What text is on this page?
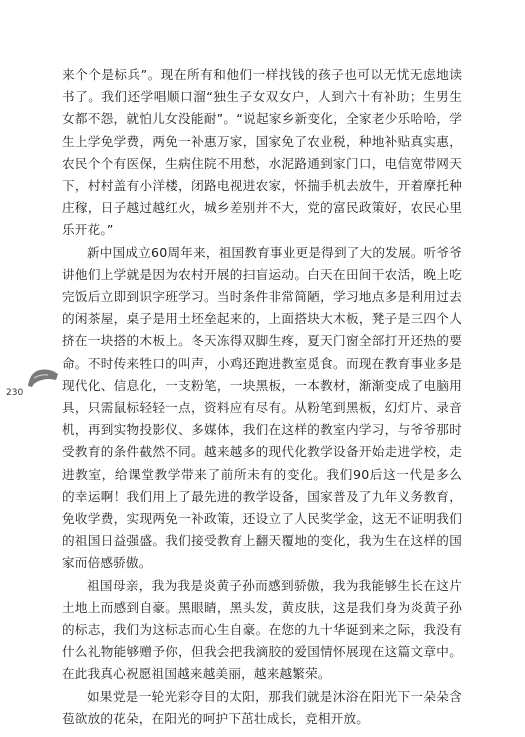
来个个是标兵”。现在所有和他们一样找钱的孩子也可以无忧无虑地读书了。我们还学唱顺口溜“独生子女双女户，人到六十有补助；生男生女都不怨，就怕儿女没能耐”。“说起家乡新变化，全家老少乐哈哈，学生上学免学费，两免一补惠万家，国家免了农业税，种地补贴真实惠，农民个个有医保，生病住院不用愁，水泥路通到家门口，电信宽带网天下，村村盖有小洋楼，闭路电视进农家，怀揣手机去放牛，开着摩托种庄稼，日子越过越红火，城乡差别并不大，党的富民政策好，农民心里乐开花。”

新中国成立60周年来，祖国教育事业更是得到了大的发展。听爷爷讲他们上学就是因为农村开展的扫盲运动。白天在田间干农活，晚上吃完饭后立即到识字班学习。当时条件非常简陋，学习地点多是利用过去的闲茶屋，桌子是用土坯垒起来的，上面搭块大木板，凳子是三四个人挤在一块搭的木板上。冬天冻得双脚生疼，夏天门窗全部打开还热的要命。不时传来牲口的叫声，小鸡还跑进教室觅食。而现在教育事业多是现代化、信息化，一支粉笔，一块黑板，一本教材，渐渐变成了电脑用具，只需鼠标轻轻一点，资料应有尽有。从粉笔到黑板，幻灯片、录音机，再到实物投影仪、多媒体，我们在这样的教室内学习，与爷爷那时受教育的条件截然不同。越来越多的现代化教学设备开始走进学校，走进教室，给课堂教学带来了前所未有的变化。我们90后这一代是多么的幸运啊！我们用上了最先进的教学设备，国家普及了九年义务教育，免收学费，实现两免一补政策，还设立了人民奖学金，这无不证明我们的祖国日益强盛。我们接受教育上翻天覆地的变化，我为生在这样的国家而倍感骄傲。

祖国母亲，我为我是炎黄子孙而感到骄傲，我为我能够生长在这片土地上而感到自豪。黑眼睛，黑头发，黄皮肤，这是我们身为炎黄子孙的标志，我们为这标志而心生自豪。在您的九十华诞到来之际，我没有什么礼物能够赠予你，但我会把我滴胶的爱国情怀展现在这篇文章中。在此我真心祝愿祖国越来越美丽，越来越繁荣。

如果党是一轮光彩夺目的太阳，那我们就是沐浴在阳光下一朵朵含苞欲放的花朵，在阳光的呵护下茁壮成长，竞相开放。

230
